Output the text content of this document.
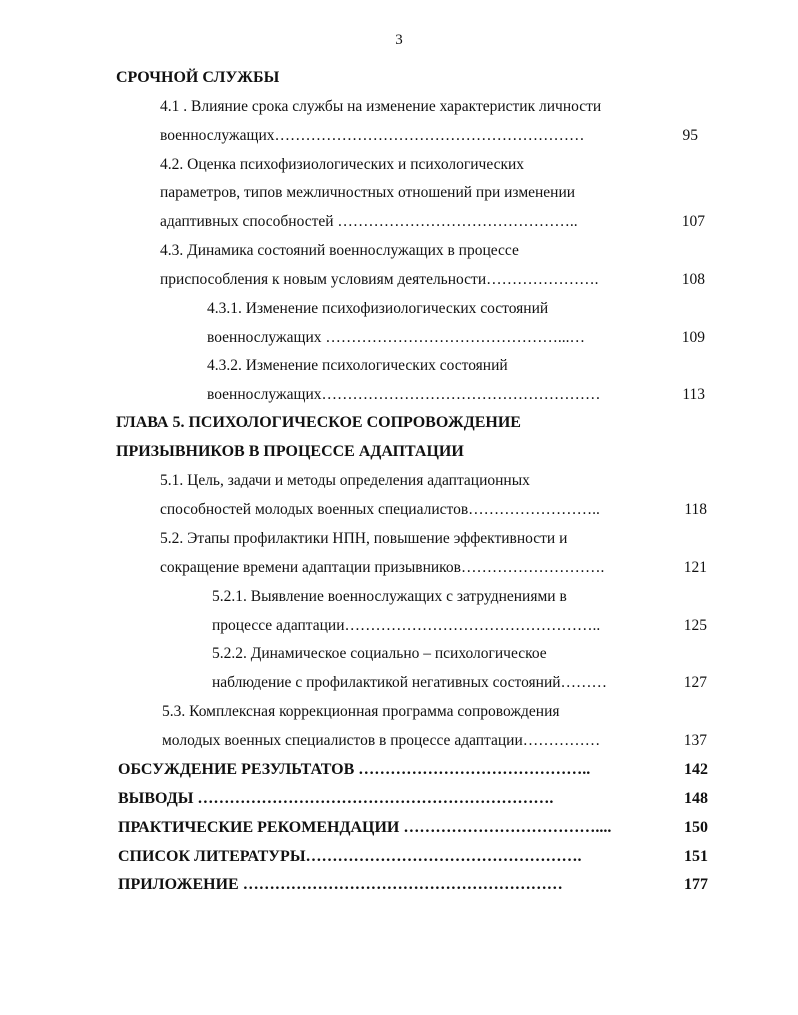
3
СРОЧНОЙ СЛУЖБЫ
4.1 . Влияние срока службы на изменение характеристик личности
военнослужащих……………………………………………………	95
4.2. Оценка психофизиологических и психологических
параметров, типов межличностных отношений при изменении
адаптивных способностей ………………………………………..	107
4.3. Динамика состояний военнослужащих в процессе
приспособления к новым условиям деятельности………………….	108
4.3.1. Изменение психофизиологических состояний
военнослужащих ………………………………………...…	109
4.3.2. Изменение психологических состояний
военнослужащих………………………………………………	113
ГЛАВА 5. ПСИХОЛОГИЧЕСКОЕ СОПРОВОЖДЕНИЕ
ПРИЗЫВНИКОВ В ПРОЦЕССЕ АДАПТАЦИИ
5.1. Цель, задачи и методы определения адаптационных
способностей молодых военных специалистов……………………..	118
5.2. Этапы профилактики НПН, повышение эффективности и
сокращение времени адаптации призывников……………………….	121
5.2.1. Выявление военнослужащих с затруднениями в
процессе адаптации…………………………………………..	125
5.2.2. Динамическое социально – психологическое
наблюдение с профилактикой негативных состояний………	127
5.3. Комплексная коррекционная программа сопровождения
молодых военных специалистов в процессе адаптации……………	137
ОБСУЖДЕНИЕ РЕЗУЛЬТАТОВ ……………………………………..	142
ВЫВОДЫ ………………………………………………………….	148
ПРАКТИЧЕСКИЕ РЕКОМЕНДАЦИИ ………………………………....	150
СПИСОК ЛИТЕРАТУРЫ…………………………………………….	151
ПРИЛОЖЕНИЕ ……………………………………………………	177
